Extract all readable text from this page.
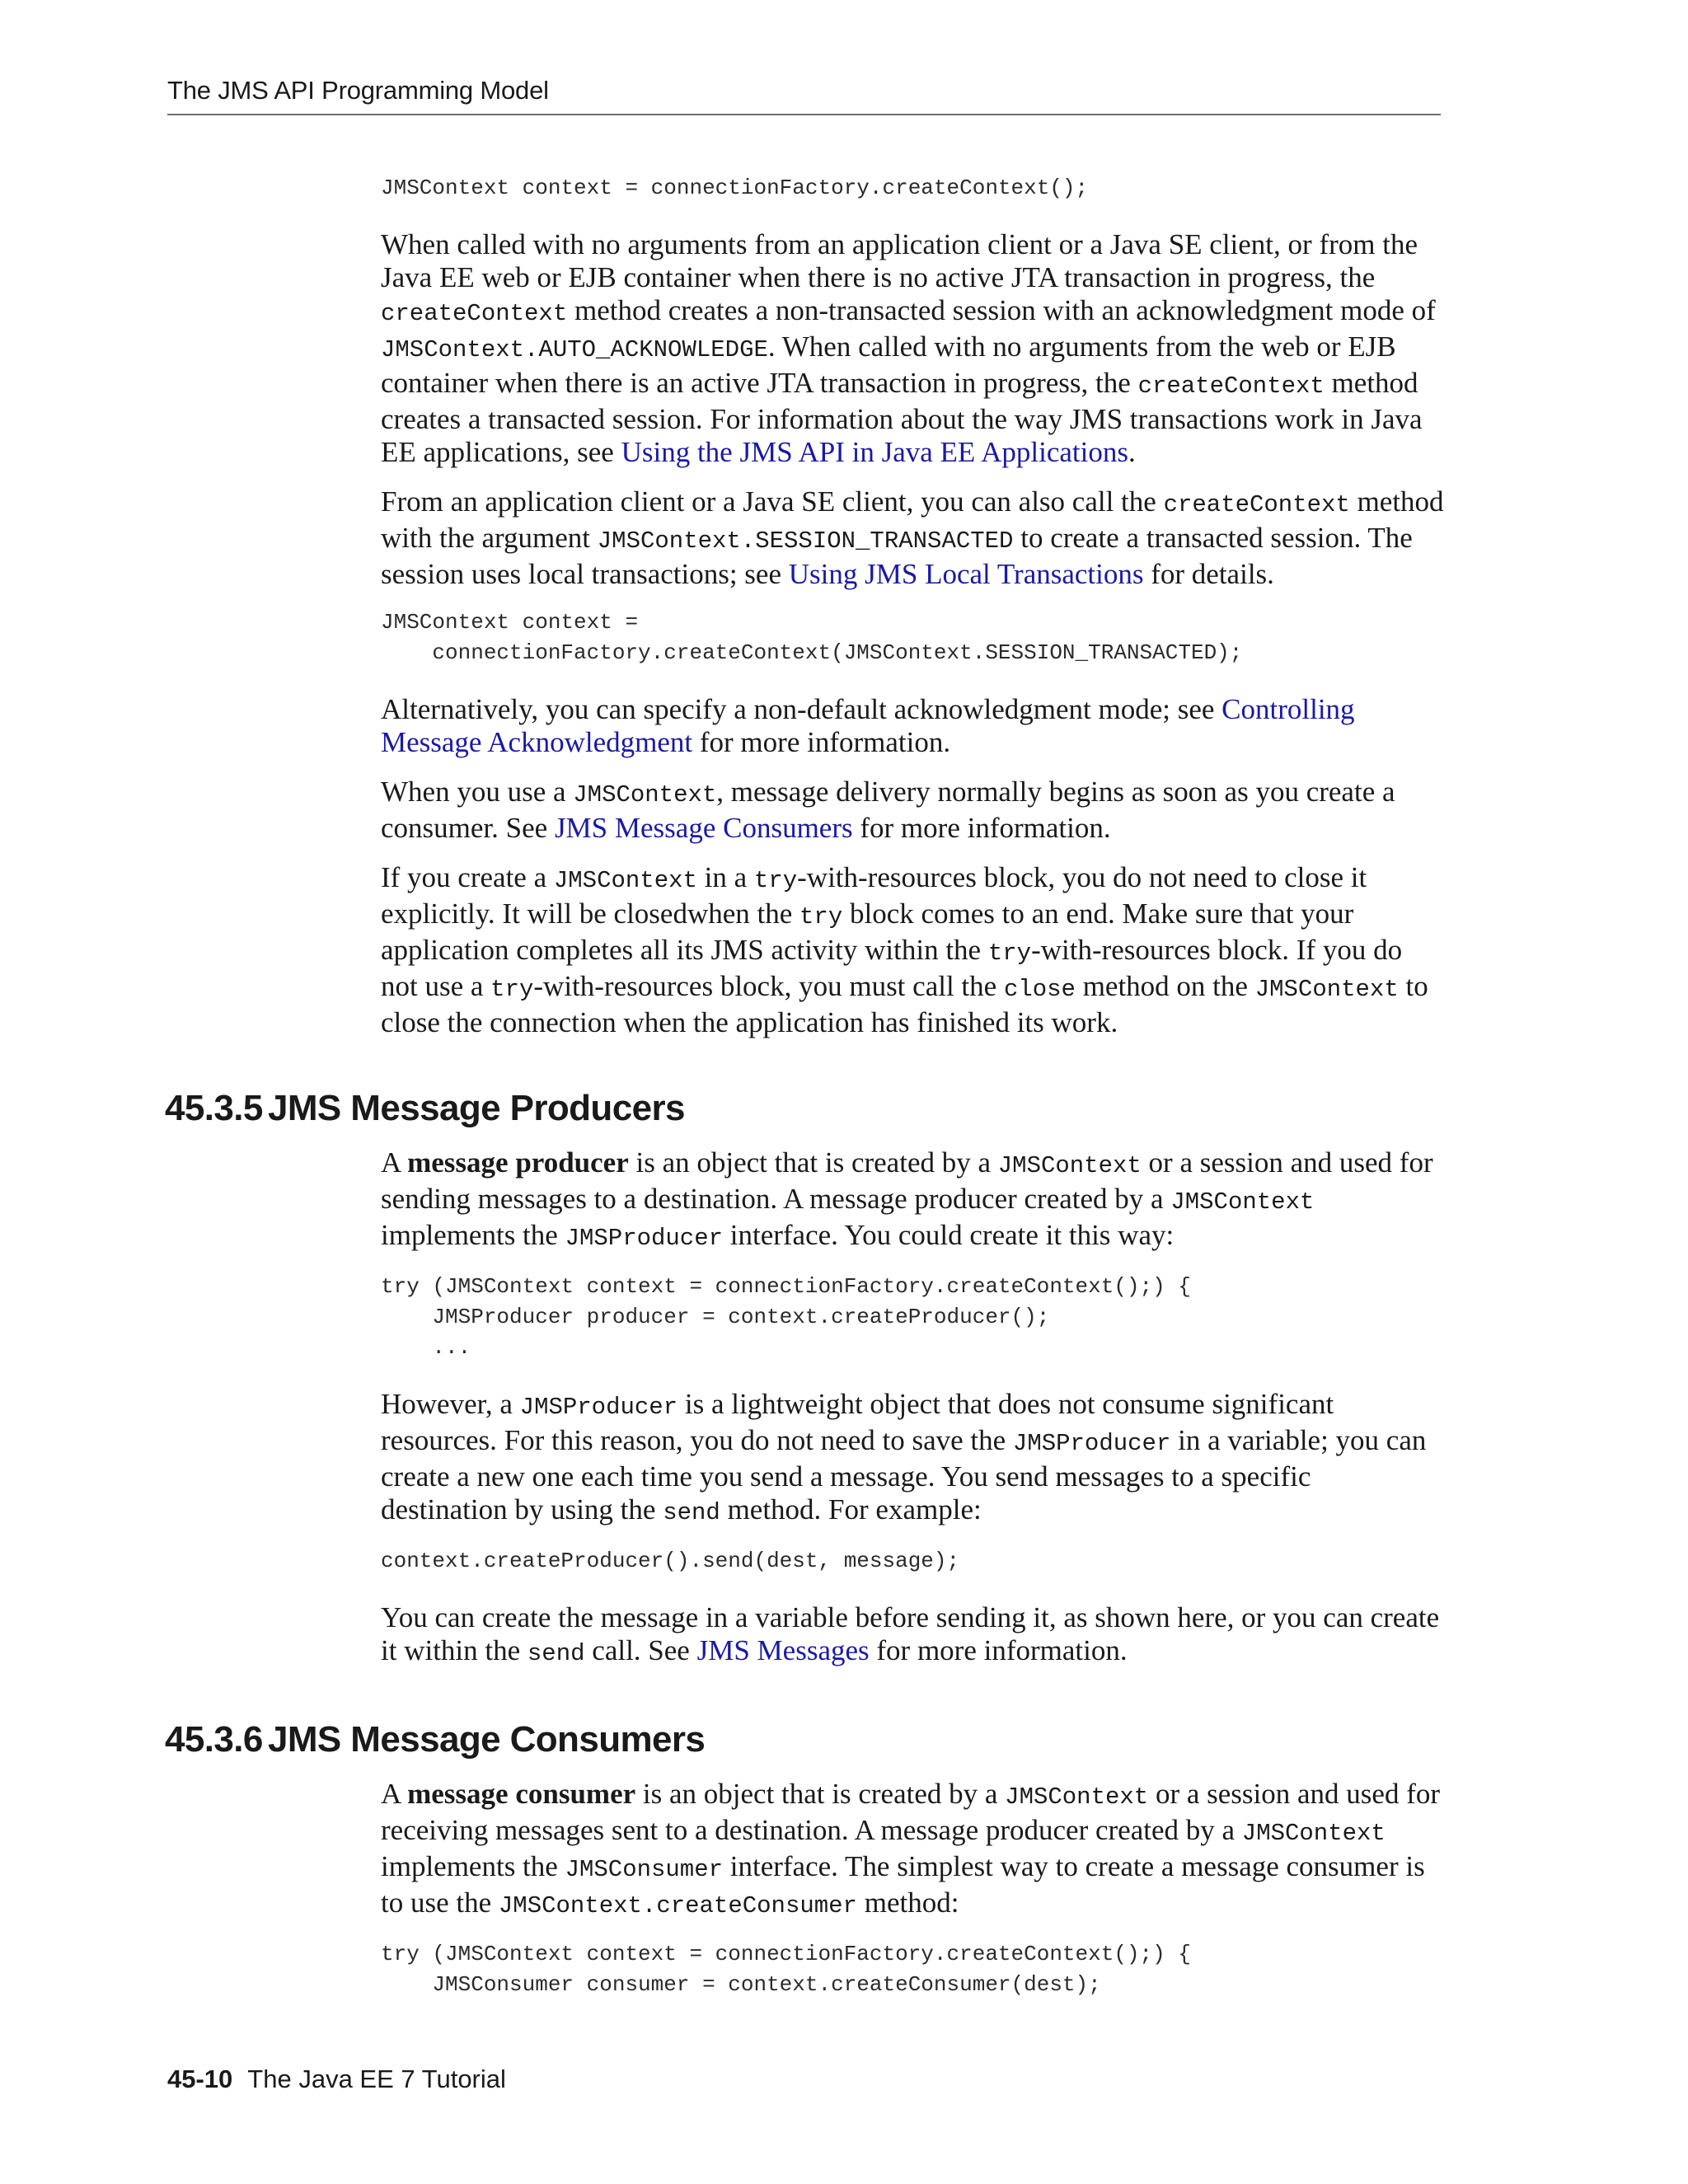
The JMS API Programming Model
JMSContext context = connectionFactory.createContext();

When called with no arguments from an application client or a Java SE client, or from the Java EE web or EJB container when there is no active JTA transaction in progress, the createContext method creates a non-transacted session with an acknowledgment mode of JMSContext.AUTO_ACKNOWLEDGE. When called with no arguments from the web or EJB container when there is an active JTA transaction in progress, the createContext method creates a transacted session. For information about the way JMS transactions work in Java EE applications, see Using the JMS API in Java EE Applications.

From an application client or a Java SE client, you can also call the createContext method with the argument JMSContext.SESSION_TRANSACTED to create a transacted session. The session uses local transactions; see Using JMS Local Transactions for details.

JMSContext context =
connectionFactory.createContext(JMSContext.SESSION_TRANSACTED);

Alternatively, you can specify a non-default acknowledgment mode; see Controlling Message Acknowledgment for more information.

When you use a JMSContext, message delivery normally begins as soon as you create a consumer. See JMS Message Consumers for more information.

If you create a JMSContext in a try-with-resources block, you do not need to close it explicitly. It will be closedwhen the try block comes to an end. Make sure that your application completes all its JMS activity within the try-with-resources block. If you do not use a try-with-resources block, you must call the close method on the JMSContext to close the connection when the application has finished its work.

45.3.5 JMS Message Producers

A message producer is an object that is created by a JMSContext or a session and used for sending messages to a destination. A message producer created by a JMSContext implements the JMSProducer interface. You could create it this way:

try (JMSContext context = connectionFactory.createContext();) {
JMSProducer producer = context.createProducer();
...

However, a JMSProducer is a lightweight object that does not consume significant resources. For this reason, you do not need to save the JMSProducer in a variable; you can create a new one each time you send a message. You send messages to a specific destination by using the send method. For example:

context.createProducer().send(dest, message);

You can create the message in a variable before sending it, as shown here, or you can create it within the send call. See JMS Messages for more information.

45.3.6 JMS Message Consumers

A message consumer is an object that is created by a JMSContext or a session and used for receiving messages sent to a destination. A message producer created by a JMSContext implements the JMSConsumer interface. The simplest way to create a message consumer is to use the JMSContext.createConsumer method:

try (JMSContext context = connectionFactory.createContext();) {
JMSConsumer consumer = context.createConsumer(dest);
45-10 The Java EE 7 Tutorial
